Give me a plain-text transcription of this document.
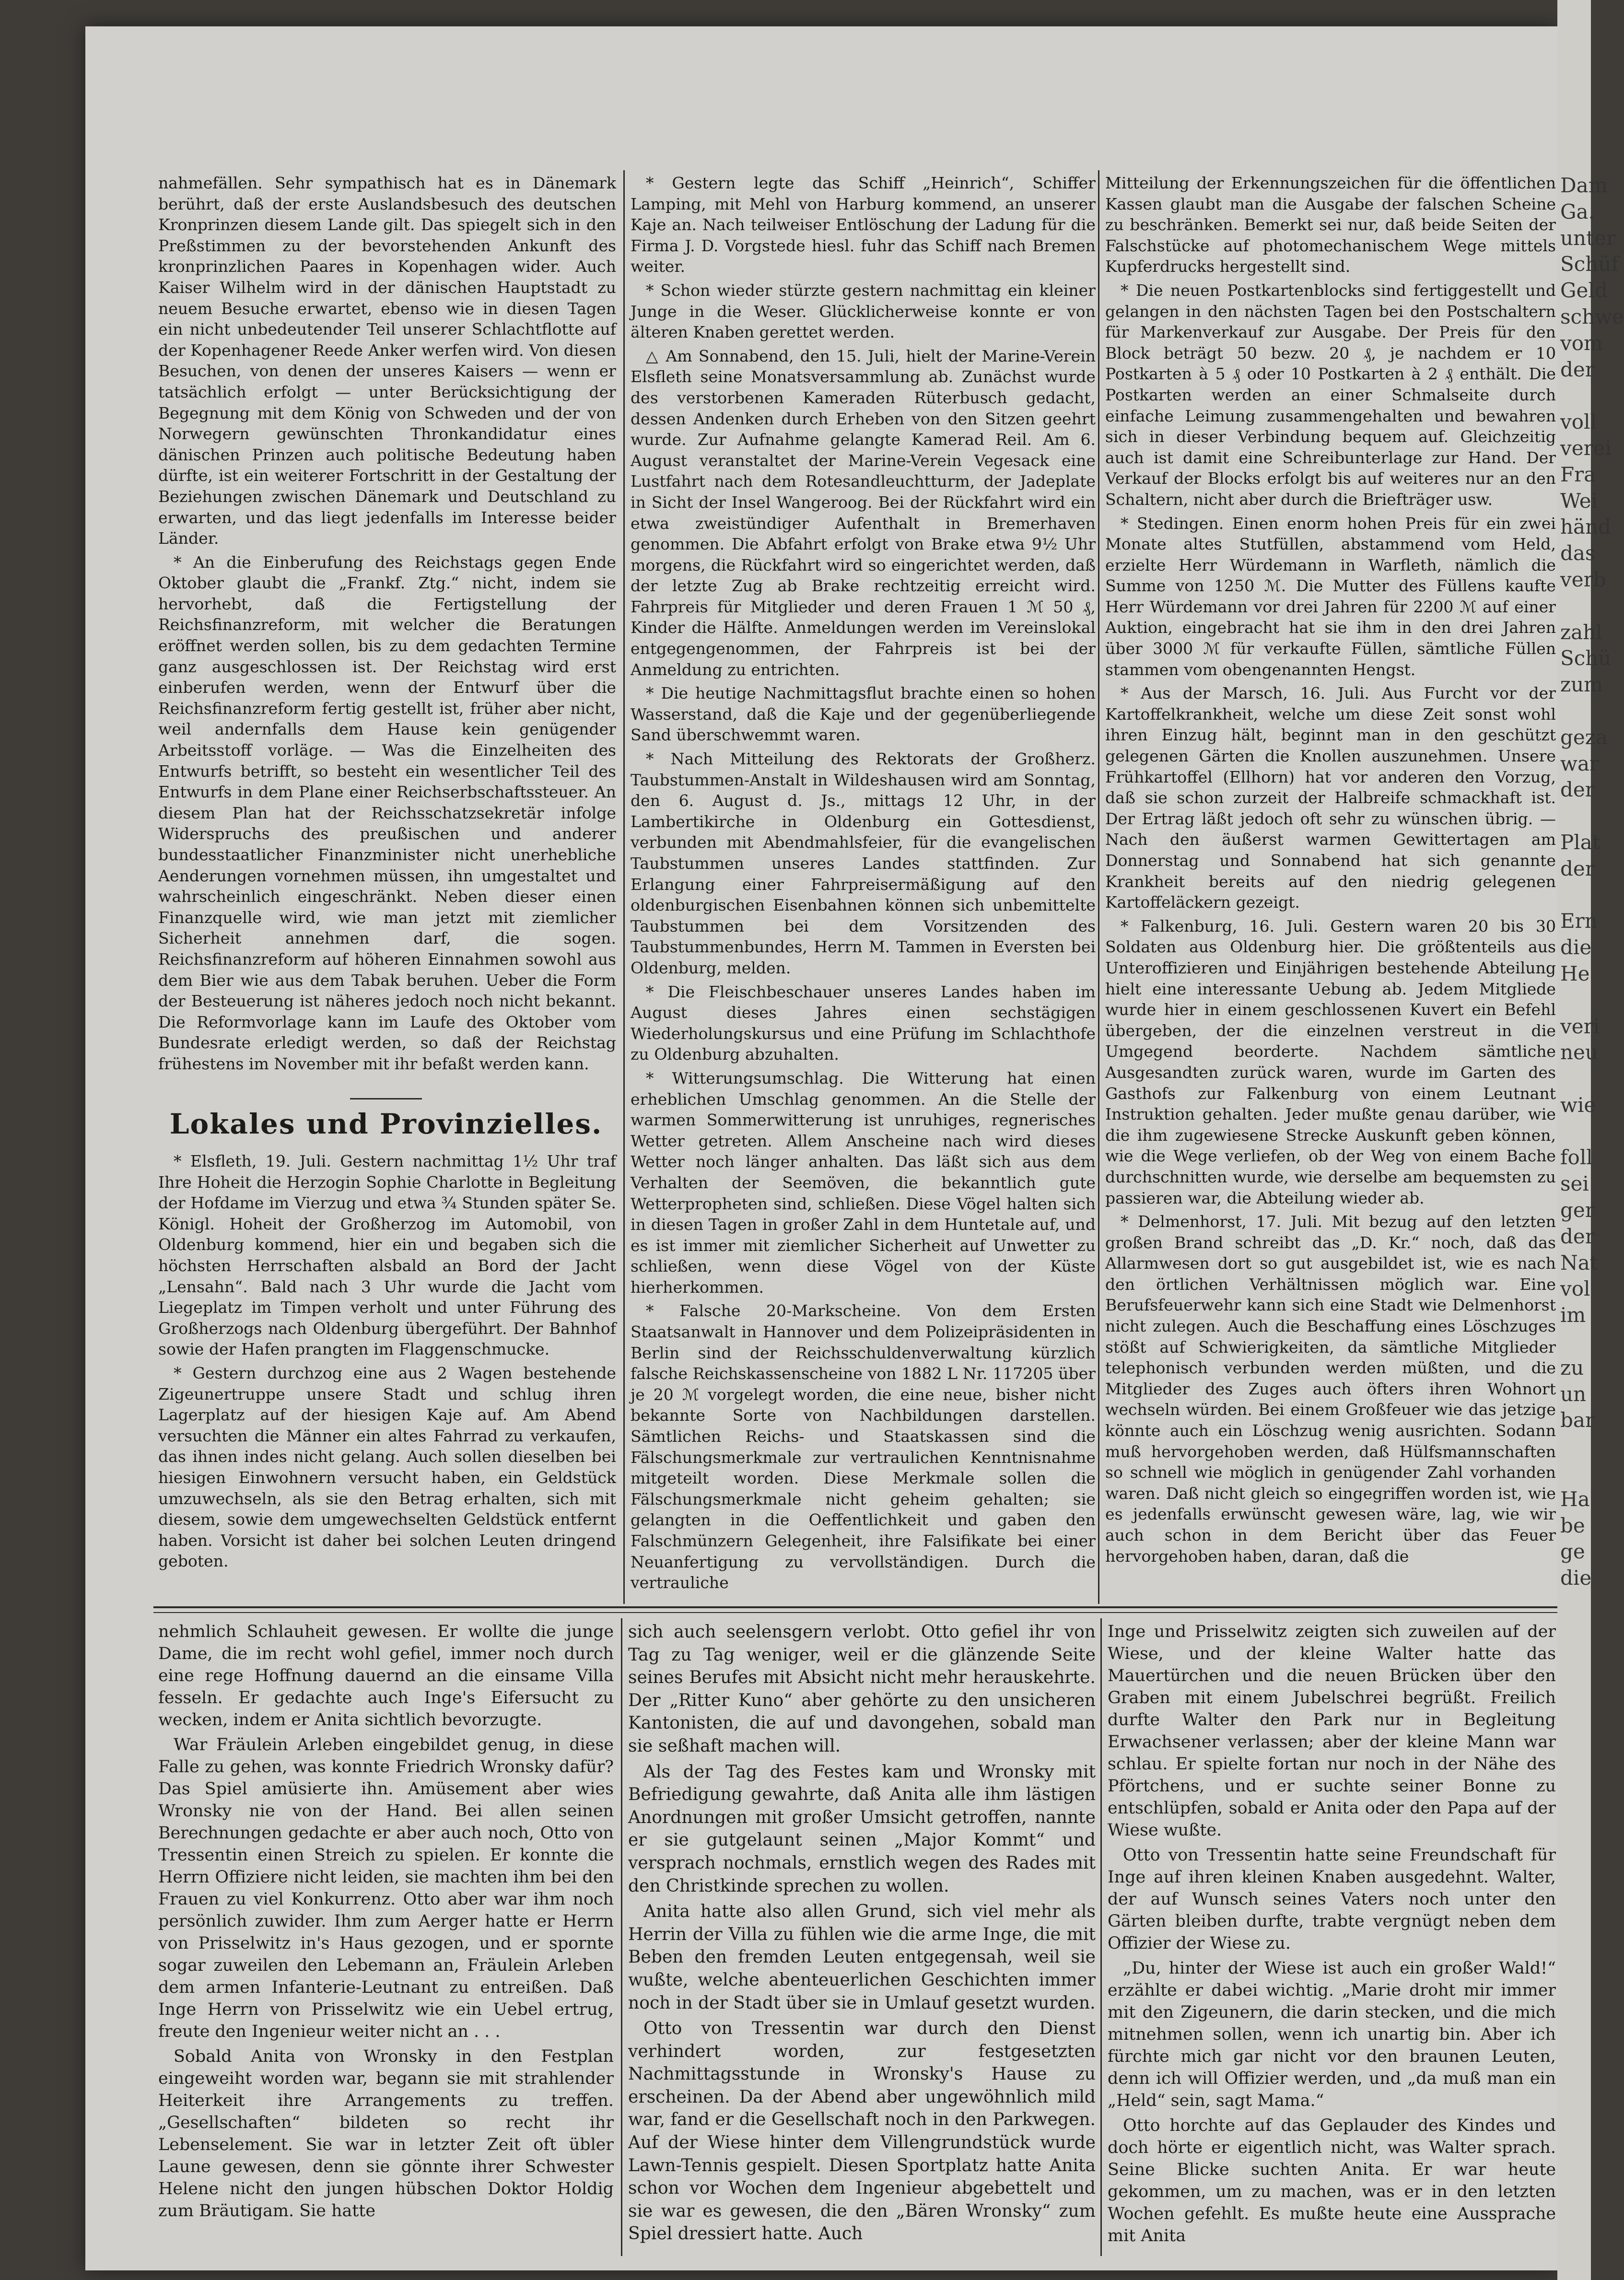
nahmefällen. Sehr sympathisch hat es in Dänemark berührt, daß der erste Auslandsbesuch des deutschen Kronprinzen diesem Lande gilt. Das spiegelt sich in den Preßstimmen zu der bevorstehenden Ankunft des kronprinzlichen Paares in Kopenhagen wider. Auch Kaiser Wilhelm wird in der dänischen Hauptstadt zu neuem Besuche erwartet, ebenso wie in diesen Tagen ein nicht unbedeutender Teil unserer Schlachtflotte auf der Kopenhagener Reede Anker werfen wird. Von diesen Besuchen, von denen der unseres Kaisers — wenn er tatsächlich erfolgt — unter Berücksichtigung der Begegnung mit dem König von Schweden und der von Norwegern gewünschten Thronkandidatur eines dänischen Prinzen auch politische Bedeutung haben dürfte, ist ein weiterer Fortschritt in der Gestaltung der Beziehungen zwischen Dänemark und Deutschland zu erwarten, und das liegt jedenfalls im Interesse beider Länder.

* An die Einberufung des Reichstags gegen Ende Oktober glaubt die „Frankf. Ztg.“ nicht, indem sie hervorhebt, daß die Fertigstellung der Reichsfinanzreform, mit welcher die Beratungen eröffnet werden sollen, bis zu dem gedachten Termine ganz ausgeschlossen ist. Der Reichstag wird erst einberufen werden, wenn der Entwurf über die Reichsfinanzreform fertig gestellt ist, früher aber nicht, weil andernfalls dem Hause kein genügender Arbeitsstoff vorläge. — Was die Einzelheiten des Entwurfs betrifft, so besteht ein wesentlicher Teil des Entwurfs in dem Plane einer Reichserbschaftssteuer. An diesem Plan hat der Reichsschatzsekretär infolge Widerspruchs des preußischen und anderer bundesstaatlicher Finanzminister nicht unerhebliche Aenderungen vornehmen müssen, ihn umgestaltet und wahrscheinlich eingeschränkt. Neben dieser einen Finanzquelle wird, wie man jetzt mit ziemlicher Sicherheit annehmen darf, die sogen. Reichsfinanzreform auf höheren Einnahmen sowohl aus dem Bier wie aus dem Tabak beruhen. Ueber die Form der Besteuerung ist näheres jedoch noch nicht bekannt. Die Reformvorlage kann im Laufe des Oktober vom Bundesrate erledigt werden, so daß der Reichstag frühestens im November mit ihr befaßt werden kann.

Lokales und Provinzielles.

* Elsfleth, 19. Juli. Gestern nachmittag 1½ Uhr traf Ihre Hoheit die Herzogin Sophie Charlotte in Begleitung der Hofdame im Vierzug und etwa ¾ Stunden später Se. Königl. Hoheit der Großherzog im Automobil, von Oldenburg kommend, hier ein und begaben sich die höchsten Herrschaften alsbald an Bord der Jacht „Lensahn“. Bald nach 3 Uhr wurde die Jacht vom Liegeplatz im Timpen verholt und unter Führung des Großherzogs nach Oldenburg übergeführt. Der Bahnhof sowie der Hafen prangten im Flaggenschmucke.

* Gestern durchzog eine aus 2 Wagen bestehende Zigeunertruppe unsere Stadt und schlug ihren Lagerplatz auf der hiesigen Kaje auf. Am Abend versuchten die Männer ein altes Fahrrad zu verkaufen, das ihnen indes nicht gelang. Auch sollen dieselben bei hiesigen Einwohnern versucht haben, ein Geldstück umzuwechseln, als sie den Betrag erhalten, sich mit diesem, sowie dem umgewechselten Geldstück entfernt haben. Vorsicht ist daher bei solchen Leuten dringend geboten.

* Gestern legte das Schiff „Heinrich“, Schiffer Lamping, mit Mehl von Harburg kommend, an unserer Kaje an. Nach teilweiser Entlöschung der Ladung für die Firma J. D. Vorgstede hiesl. fuhr das Schiff nach Bremen weiter.

* Schon wieder stürzte gestern nachmittag ein kleiner Junge in die Weser. Glücklicherweise konnte er von älteren Knaben gerettet werden.

△ Am Sonnabend, den 15. Juli, hielt der Marine-Verein Elsfleth seine Monatsversammlung ab. Zunächst wurde des verstorbenen Kameraden Rüterbusch gedacht, dessen Andenken durch Erheben von den Sitzen geehrt wurde. Zur Aufnahme gelangte Kamerad Reil. Am 6. August veranstaltet der Marine-Verein Vegesack eine Lustfahrt nach dem Rotesandleuchtturm, der Jadeplate in Sicht der Insel Wangeroog. Bei der Rückfahrt wird ein etwa zweistündiger Aufenthalt in Bremerhaven genommen. Die Abfahrt erfolgt von Brake etwa 9½ Uhr morgens, die Rückfahrt wird so eingerichtet werden, daß der letzte Zug ab Brake rechtzeitig erreicht wird. Fahrpreis für Mitglieder und deren Frauen 1 ℳ 50 ₰, Kinder die Hälfte. Anmeldungen werden im Vereinslokal entgegengenommen, der Fahrpreis ist bei der Anmeldung zu entrichten.

* Die heutige Nachmittagsflut brachte einen so hohen Wasserstand, daß die Kaje und der gegenüberliegende Sand überschwemmt waren.

* Nach Mitteilung des Rektorats der Großherz. Taubstummen-Anstalt in Wildeshausen wird am Sonntag, den 6. August d. Js., mittags 12 Uhr, in der Lambertikirche in Oldenburg ein Gottesdienst, verbunden mit Abendmahlsfeier, für die evangelischen Taubstummen unseres Landes stattfinden. Zur Erlangung einer Fahrpreisermäßigung auf den oldenburgischen Eisenbahnen können sich unbemittelte Taubstummen bei dem Vorsitzenden des Taubstummenbundes, Herrn M. Tammen in Eversten bei Oldenburg, melden.

* Die Fleischbeschauer unseres Landes haben im August dieses Jahres einen sechstägigen Wiederholungskursus und eine Prüfung im Schlachthofe zu Oldenburg abzuhalten.

* Witterungsumschlag. Die Witterung hat einen erheblichen Umschlag genommen. An die Stelle der warmen Sommerwitterung ist unruhiges, regnerisches Wetter getreten. Allem Anscheine nach wird dieses Wetter noch länger anhalten. Das läßt sich aus dem Verhalten der Seemöven, die bekanntlich gute Wetterpropheten sind, schließen. Diese Vögel halten sich in diesen Tagen in großer Zahl in dem Huntetale auf, und es ist immer mit ziemlicher Sicherheit auf Unwetter zu schließen, wenn diese Vögel von der Küste hierherkommen.

* Falsche 20-Markscheine. Von dem Ersten Staatsanwalt in Hannover und dem Polizeipräsidenten in Berlin sind der Reichsschuldenverwaltung kürzlich falsche Reichskassenscheine von 1882 L Nr. 117205 über je 20 ℳ vorgelegt worden, die eine neue, bisher nicht bekannte Sorte von Nachbildungen darstellen. Sämtlichen Reichs- und Staatskassen sind die Fälschungsmerkmale zur vertraulichen Kenntnisnahme mitgeteilt worden. Diese Merkmale sollen die Fälschungsmerkmale nicht geheim gehalten; sie gelangten in die Oeffentlichkeit und gaben den Falschmünzern Gelegenheit, ihre Falsifikate bei einer Neuanfertigung zu vervollständigen. Durch die vertrauliche

Mitteilung der Erkennungszeichen für die öffentlichen Kassen glaubt man die Ausgabe der falschen Scheine zu beschränken. Bemerkt sei nur, daß beide Seiten der Falschstücke auf photomechanischem Wege mittels Kupferdrucks hergestellt sind.

* Die neuen Postkartenblocks sind fertiggestellt und gelangen in den nächsten Tagen bei den Postschaltern für Markenverkauf zur Ausgabe. Der Preis für den Block beträgt 50 bezw. 20 ₰, je nachdem er 10 Postkarten à 5 ₰ oder 10 Postkarten à 2 ₰ enthält. Die Postkarten werden an einer Schmalseite durch einfache Leimung zusammengehalten und bewahren sich in dieser Verbindung bequem auf. Gleichzeitig auch ist damit eine Schreibunterlage zur Hand. Der Verkauf der Blocks erfolgt bis auf weiteres nur an den Schaltern, nicht aber durch die Briefträger usw.

* Stedingen. Einen enorm hohen Preis für ein zwei Monate altes Stutfüllen, abstammend vom Held, erzielte Herr Würdemann in Warfleth, nämlich die Summe von 1250 ℳ. Die Mutter des Füllens kaufte Herr Würdemann vor drei Jahren für 2200 ℳ auf einer Auktion, eingebracht hat sie ihm in den drei Jahren über 3000 ℳ für verkaufte Füllen, sämtliche Füllen stammen vom obengenannten Hengst.

* Aus der Marsch, 16. Juli. Aus Furcht vor der Kartoffelkrankheit, welche um diese Zeit sonst wohl ihren Einzug hält, beginnt man in den geschützt gelegenen Gärten die Knollen auszunehmen. Unsere Frühkartoffel (Ellhorn) hat vor anderen den Vorzug, daß sie schon zurzeit der Halbreife schmackhaft ist. Der Ertrag läßt jedoch oft sehr zu wünschen übrig. — Nach den äußerst warmen Gewittertagen am Donnerstag und Sonnabend hat sich genannte Krankheit bereits auf den niedrig gelegenen Kartoffeläckern gezeigt.

* Falkenburg, 16. Juli. Gestern waren 20 bis 30 Soldaten aus Oldenburg hier. Die größtenteils aus Unteroffizieren und Einjährigen bestehende Abteilung hielt eine interessante Uebung ab. Jedem Mitgliede wurde hier in einem geschlossenen Kuvert ein Befehl übergeben, der die einzelnen verstreut in die Umgegend beorderte. Nachdem sämtliche Ausgesandten zurück waren, wurde im Garten des Gasthofs zur Falkenburg von einem Leutnant Instruktion gehalten. Jeder mußte genau darüber, wie die ihm zugewiesene Strecke Auskunft geben können, wie die Wege verliefen, ob der Weg von einem Bache durchschnitten wurde, wie derselbe am bequemsten zu passieren war, die Abteilung wieder ab.

* Delmenhorst, 17. Juli. Mit bezug auf den letzten großen Brand schreibt das „D. Kr.“ noch, daß das Allarmwesen dort so gut ausgebildet ist, wie es nach den örtlichen Verhältnissen möglich war. Eine Berufsfeuerwehr kann sich eine Stadt wie Delmenhorst nicht zulegen. Auch die Beschaffung eines Löschzuges stößt auf Schwierigkeiten, da sämtliche Mitglieder telephonisch verbunden werden müßten, und die Mitglieder des Zuges auch öfters ihren Wohnort wechseln würden. Bei einem Großfeuer wie das jetzige könnte auch ein Löschzug wenig ausrichten. Sodann muß hervorgehoben werden, daß Hülfsmannschaften so schnell wie möglich in genügender Zahl vorhanden waren. Daß nicht gleich so eingegriffen worden ist, wie es jedenfalls erwünscht gewesen wäre, lag, wie wir auch schon in dem Bericht über das Feuer hervorgehoben haben, daran, daß die

nehmlich Schlauheit gewesen. Er wollte die junge Dame, die im recht wohl gefiel, immer noch durch eine rege Hoffnung dauernd an die einsame Villa fesseln. Er gedachte auch Inge's Eifersucht zu wecken, indem er Anita sichtlich bevorzugte.

War Fräulein Arleben eingebildet genug, in diese Falle zu gehen, was konnte Friedrich Wronsky dafür? Das Spiel amüsierte ihn. Amüsement aber wies Wronsky nie von der Hand. Bei allen seinen Berechnungen gedachte er aber auch noch, Otto von Tressentin einen Streich zu spielen. Er konnte die Herrn Offiziere nicht leiden, sie machten ihm bei den Frauen zu viel Konkurrenz. Otto aber war ihm noch persönlich zuwider. Ihm zum Aerger hatte er Herrn von Prisselwitz in's Haus gezogen, und er spornte sogar zuweilen den Lebemann an, Fräulein Arleben dem armen Infanterie-Leutnant zu entreißen. Daß Inge Herrn von Prisselwitz wie ein Uebel ertrug, freute den Ingenieur weiter nicht an . . .

Sobald Anita von Wronsky in den Festplan eingeweiht worden war, begann sie mit strahlender Heiterkeit ihre Arrangements zu treffen. „Gesellschaften“ bildeten so recht ihr Lebenselement. Sie war in letzter Zeit oft übler Laune gewesen, denn sie gönnte ihrer Schwester Helene nicht den jungen hübschen Doktor Holdig zum Bräutigam. Sie hatte

sich auch seelensgern verlobt. Otto gefiel ihr von Tag zu Tag weniger, weil er die glänzende Seite seines Berufes mit Absicht nicht mehr herauskehrte. Der „Ritter Kuno“ aber gehörte zu den unsicheren Kantonisten, die auf und davongehen, sobald man sie seßhaft machen will.

Als der Tag des Festes kam und Wronsky mit Befriedigung gewahrte, daß Anita alle ihm lästigen Anordnungen mit großer Umsicht getroffen, nannte er sie gutgelaunt seinen „Major Kommt“ und versprach nochmals, ernstlich wegen des Rades mit den Christkinde sprechen zu wollen.

Anita hatte also allen Grund, sich viel mehr als Herrin der Villa zu fühlen wie die arme Inge, die mit Beben den fremden Leuten entgegensah, weil sie wußte, welche abenteuerlichen Geschichten immer noch in der Stadt über sie in Umlauf gesetzt wurden.

Otto von Tressentin war durch den Dienst verhindert worden, zur festgesetzten Nachmittagsstunde in Wronsky's Hause zu erscheinen. Da der Abend aber ungewöhnlich mild war, fand er die Gesellschaft noch in den Parkwegen. Auf der Wiese hinter dem Villengrundstück wurde Lawn-Tennis gespielt. Diesen Sportplatz hatte Anita schon vor Wochen dem Ingenieur abgebettelt und sie war es gewesen, die den „Bären Wronsky“ zum Spiel dressiert hatte. Auch

Inge und Prisselwitz zeigten sich zuweilen auf der Wiese, und der kleine Walter hatte das Mauertürchen und die neuen Brücken über den Graben mit einem Jubelschrei begrüßt. Freilich durfte Walter den Park nur in Begleitung Erwachsener verlassen; aber der kleine Mann war schlau. Er spielte fortan nur noch in der Nähe des Pförtchens, und er suchte seiner Bonne zu entschlüpfen, sobald er Anita oder den Papa auf der Wiese wußte.

Otto von Tressentin hatte seine Freundschaft für Inge auf ihren kleinen Knaben ausgedehnt. Walter, der auf Wunsch seines Vaters noch unter den Gärten bleiben durfte, trabte vergnügt neben dem Offizier der Wiese zu.

„Du, hinter der Wiese ist auch ein großer Wald!“ erzählte er dabei wichtig. „Marie droht mir immer mit den Zigeunern, die darin stecken, und die mich mitnehmen sollen, wenn ich unartig bin. Aber ich fürchte mich gar nicht vor den braunen Leuten, denn ich will Offizier werden, und „da muß man ein „Held“ sein, sagt Mama.“

Otto horchte auf das Geplauder des Kindes und doch hörte er eigentlich nicht, was Walter sprach. Seine Blicke suchten Anita. Er war heute gekommen, um zu machen, was er in den letzten Wochen gefehlt. Es mußte heute eine Aussprache mit Anita

Dam
Ga.
unter
Schüf
Geld
schwe
vom
der

voll
verei
Fra
Wei
händ
das
verb

zahl
Schü
zum

geza
war
der

Plat
der

Ern
die
He

veri
neu

wie

foll
sei
ger
der
Nat
vol
im

zu
un
bar

Ha
be
ge
die
